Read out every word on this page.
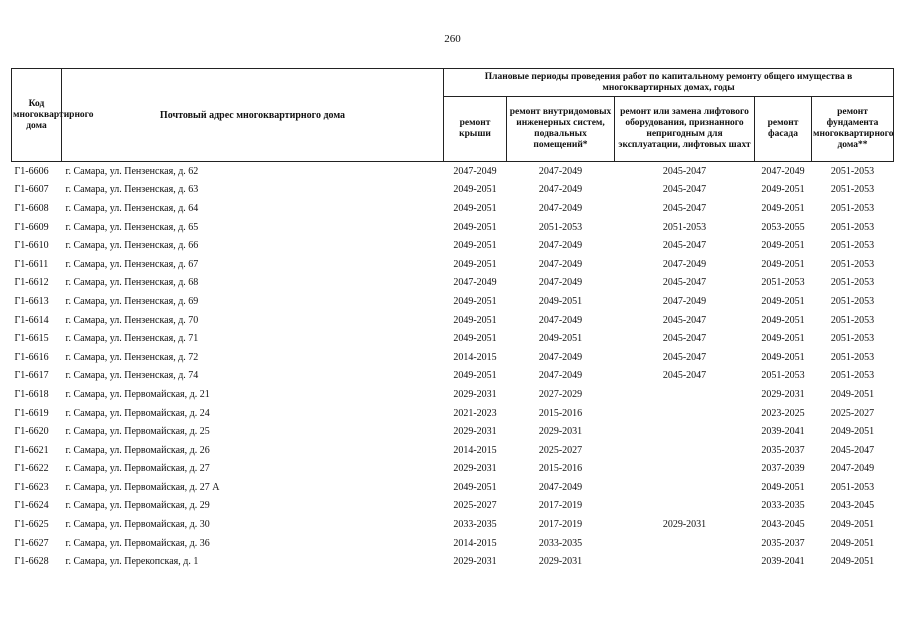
260
Код многоквартирного дома	Почтовый адрес многоквартирного дома	Плановые периоды проведения работ по капитальному ремонту общего имущества в многоквартирных домах, годы				
		ремонт крыши	ремонт внутридомовых инженерных систем, подвальных помещений*	ремонт или замена лифтового оборудования, признанного непригодным для эксплуатации, лифтовых шахт	ремонт фасада	ремонт фундамента многоквартирного дома**
Г1-6606	г. Самара, ул. Пензенская, д. 62	2047-2049	2047-2049	2045-2047	2047-2049	2051-2053
Г1-6607	г. Самара, ул. Пензенская, д. 63	2049-2051	2047-2049	2045-2047	2049-2051	2051-2053
Г1-6608	г. Самара, ул. Пензенская, д. 64	2049-2051	2047-2049	2045-2047	2049-2051	2051-2053
Г1-6609	г. Самара, ул. Пензенская, д. 65	2049-2051	2051-2053	2051-2053	2053-2055	2051-2053
Г1-6610	г. Самара, ул. Пензенская, д. 66	2049-2051	2047-2049	2045-2047	2049-2051	2051-2053
Г1-6611	г. Самара, ул. Пензенская, д. 67	2049-2051	2047-2049	2047-2049	2049-2051	2051-2053
Г1-6612	г. Самара, ул. Пензенская, д. 68	2047-2049	2047-2049	2045-2047	2051-2053	2051-2053
Г1-6613	г. Самара, ул. Пензенская, д. 69	2049-2051	2049-2051	2047-2049	2049-2051	2051-2053
Г1-6614	г. Самара, ул. Пензенская, д. 70	2049-2051	2047-2049	2045-2047	2049-2051	2051-2053
Г1-6615	г. Самара, ул. Пензенская, д. 71	2049-2051	2049-2051	2045-2047	2049-2051	2051-2053
Г1-6616	г. Самара, ул. Пензенская, д. 72	2014-2015	2047-2049	2045-2047	2049-2051	2051-2053
Г1-6617	г. Самара, ул. Пензенская, д. 74	2049-2051	2047-2049	2045-2047	2051-2053	2051-2053
Г1-6618	г. Самара, ул. Первомайская, д. 21	2029-2031	2027-2029		2029-2031	2049-2051
Г1-6619	г. Самара, ул. Первомайская, д. 24	2021-2023	2015-2016		2023-2025	2025-2027
Г1-6620	г. Самара, ул. Первомайская, д. 25	2029-2031	2029-2031		2039-2041	2049-2051
Г1-6621	г. Самара, ул. Первомайская, д. 26	2014-2015	2025-2027		2035-2037	2045-2047
Г1-6622	г. Самара, ул. Первомайская, д. 27	2029-2031	2015-2016		2037-2039	2047-2049
Г1-6623	г. Самара, ул. Первомайская, д. 27 А	2049-2051	2047-2049		2049-2051	2051-2053
Г1-6624	г. Самара, ул. Первомайская, д. 29	2025-2027	2017-2019		2033-2035	2043-2045
Г1-6625	г. Самара, ул. Первомайская, д. 30	2033-2035	2017-2019	2029-2031	2043-2045	2049-2051
Г1-6627	г. Самара, ул. Первомайская, д. 36	2014-2015	2033-2035		2035-2037	2049-2051
Г1-6628	г. Самара, ул. Перекопская, д. 1	2029-2031	2029-2031		2039-2041	2049-2051
